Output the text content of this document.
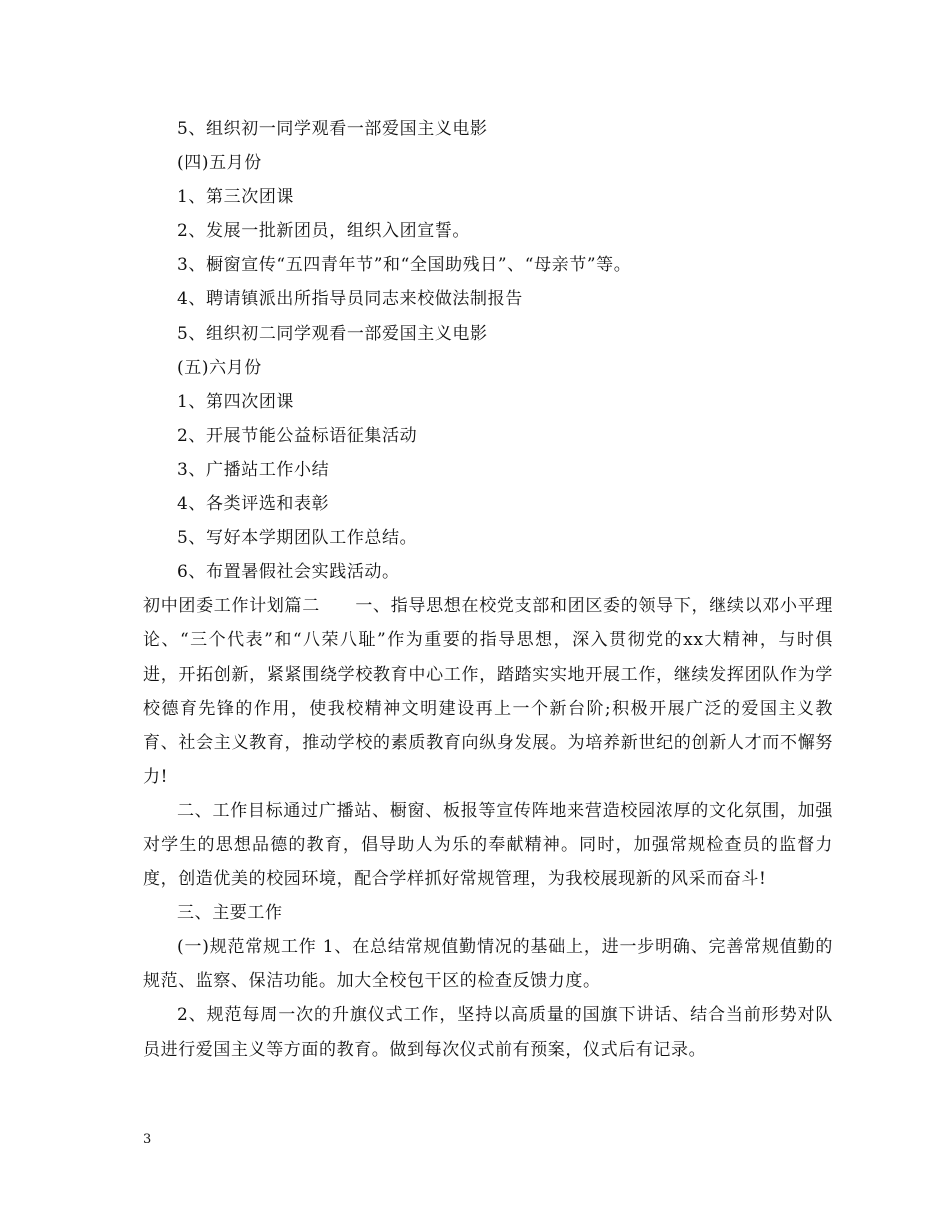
5、组织初一同学观看一部爱国主义电影
(四)五月份
1、第三次团课
2、发展一批新团员，组织入团宣誓。
3、橱窗宣传“五四青年节”和“全国助残日”、“母亲节”等。
4、聘请镇派出所指导员同志来校做法制报告
5、组织初二同学观看一部爱国主义电影
(五)六月份
1、第四次团课
2、开展节能公益标语征集活动
3、广播站工作小结
4、各类评选和表彰
5、写好本学期团队工作总结。
6、布置暑假社会实践活动。

初中团委工作计划篇二　　一、指导思想在校党支部和团区委的领导下，继续以邓小平理论、“三个代表”和“八荣八耻”作为重要的指导思想，深入贯彻党的xx大精神，与时俱进，开拓创新，紧紧围绕学校教育中心工作，踏踏实实地开展工作，继续发挥团队作为学校德育先锋的作用，使我校精神文明建设再上一个新台阶;积极开展广泛的爱国主义教育、社会主义教育，推动学校的素质教育向纵身发展。为培养新世纪的创新人才而不懈努力!

二、工作目标通过广播站、橱窗、板报等宣传阵地来营造校园浓厚的文化氛围，加强对学生的思想品德的教育，倡导助人为乐的奉献精神。同时，加强常规检查员的监督力度，创造优美的校园环境，配合学样抓好常规管理，为我校展现新的风采而奋斗!

三、主要工作

(一)规范常规工作 1、在总结常规值勤情况的基础上，进一步明确、完善常规值勤的规范、监察、保洁功能。加大全校包干区的检查反馈力度。

2、规范每周一次的升旗仪式工作，坚持以高质量的国旗下讲话、结合当前形势对队员进行爱国主义等方面的教育。做到每次仪式前有预案，仪式后有记录。

3
